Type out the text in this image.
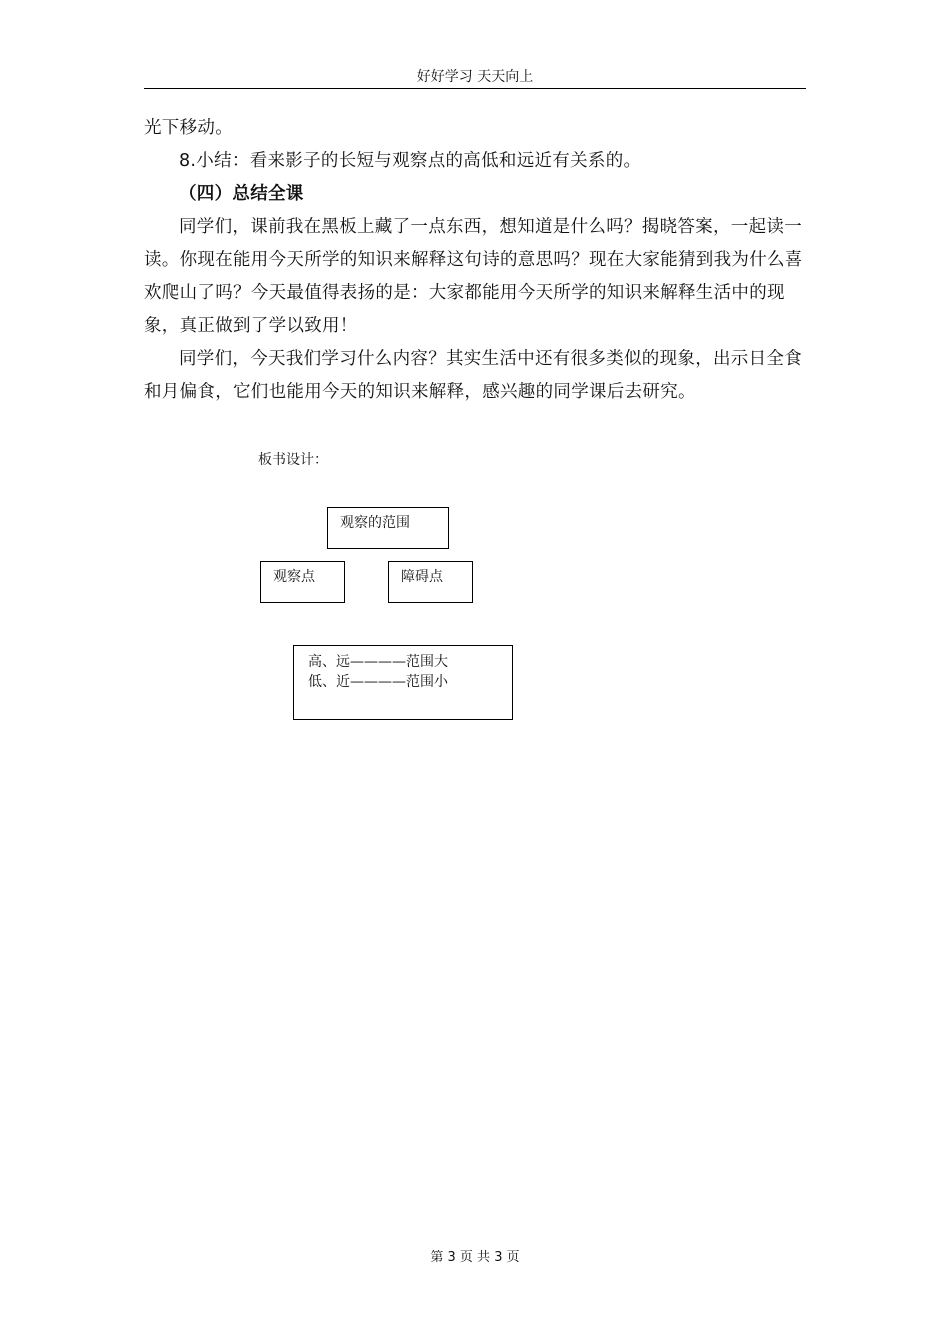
好好学习 天天向上

光下移动。

8.小结：看来影子的长短与观察点的高低和远近有关系的。

（四）总结全课

同学们，课前我在黑板上藏了一点东西，想知道是什么吗？揭晓答案，一起读一读。你现在能用今天所学的知识来解释这句诗的意思吗？现在大家能猜到我为什么喜欢爬山了吗？今天最值得表扬的是：大家都能用今天所学的知识来解释生活中的现象，真正做到了学以致用！

同学们，今天我们学习什么内容？其实生活中还有很多类似的现象，出示日全食和月偏食，它们也能用今天的知识来解释，感兴趣的同学课后去研究。

板书设计：
观察的范围
观察点	障碍点
高、远————范围大
低、近————范围小
第 3 页 共 3 页
